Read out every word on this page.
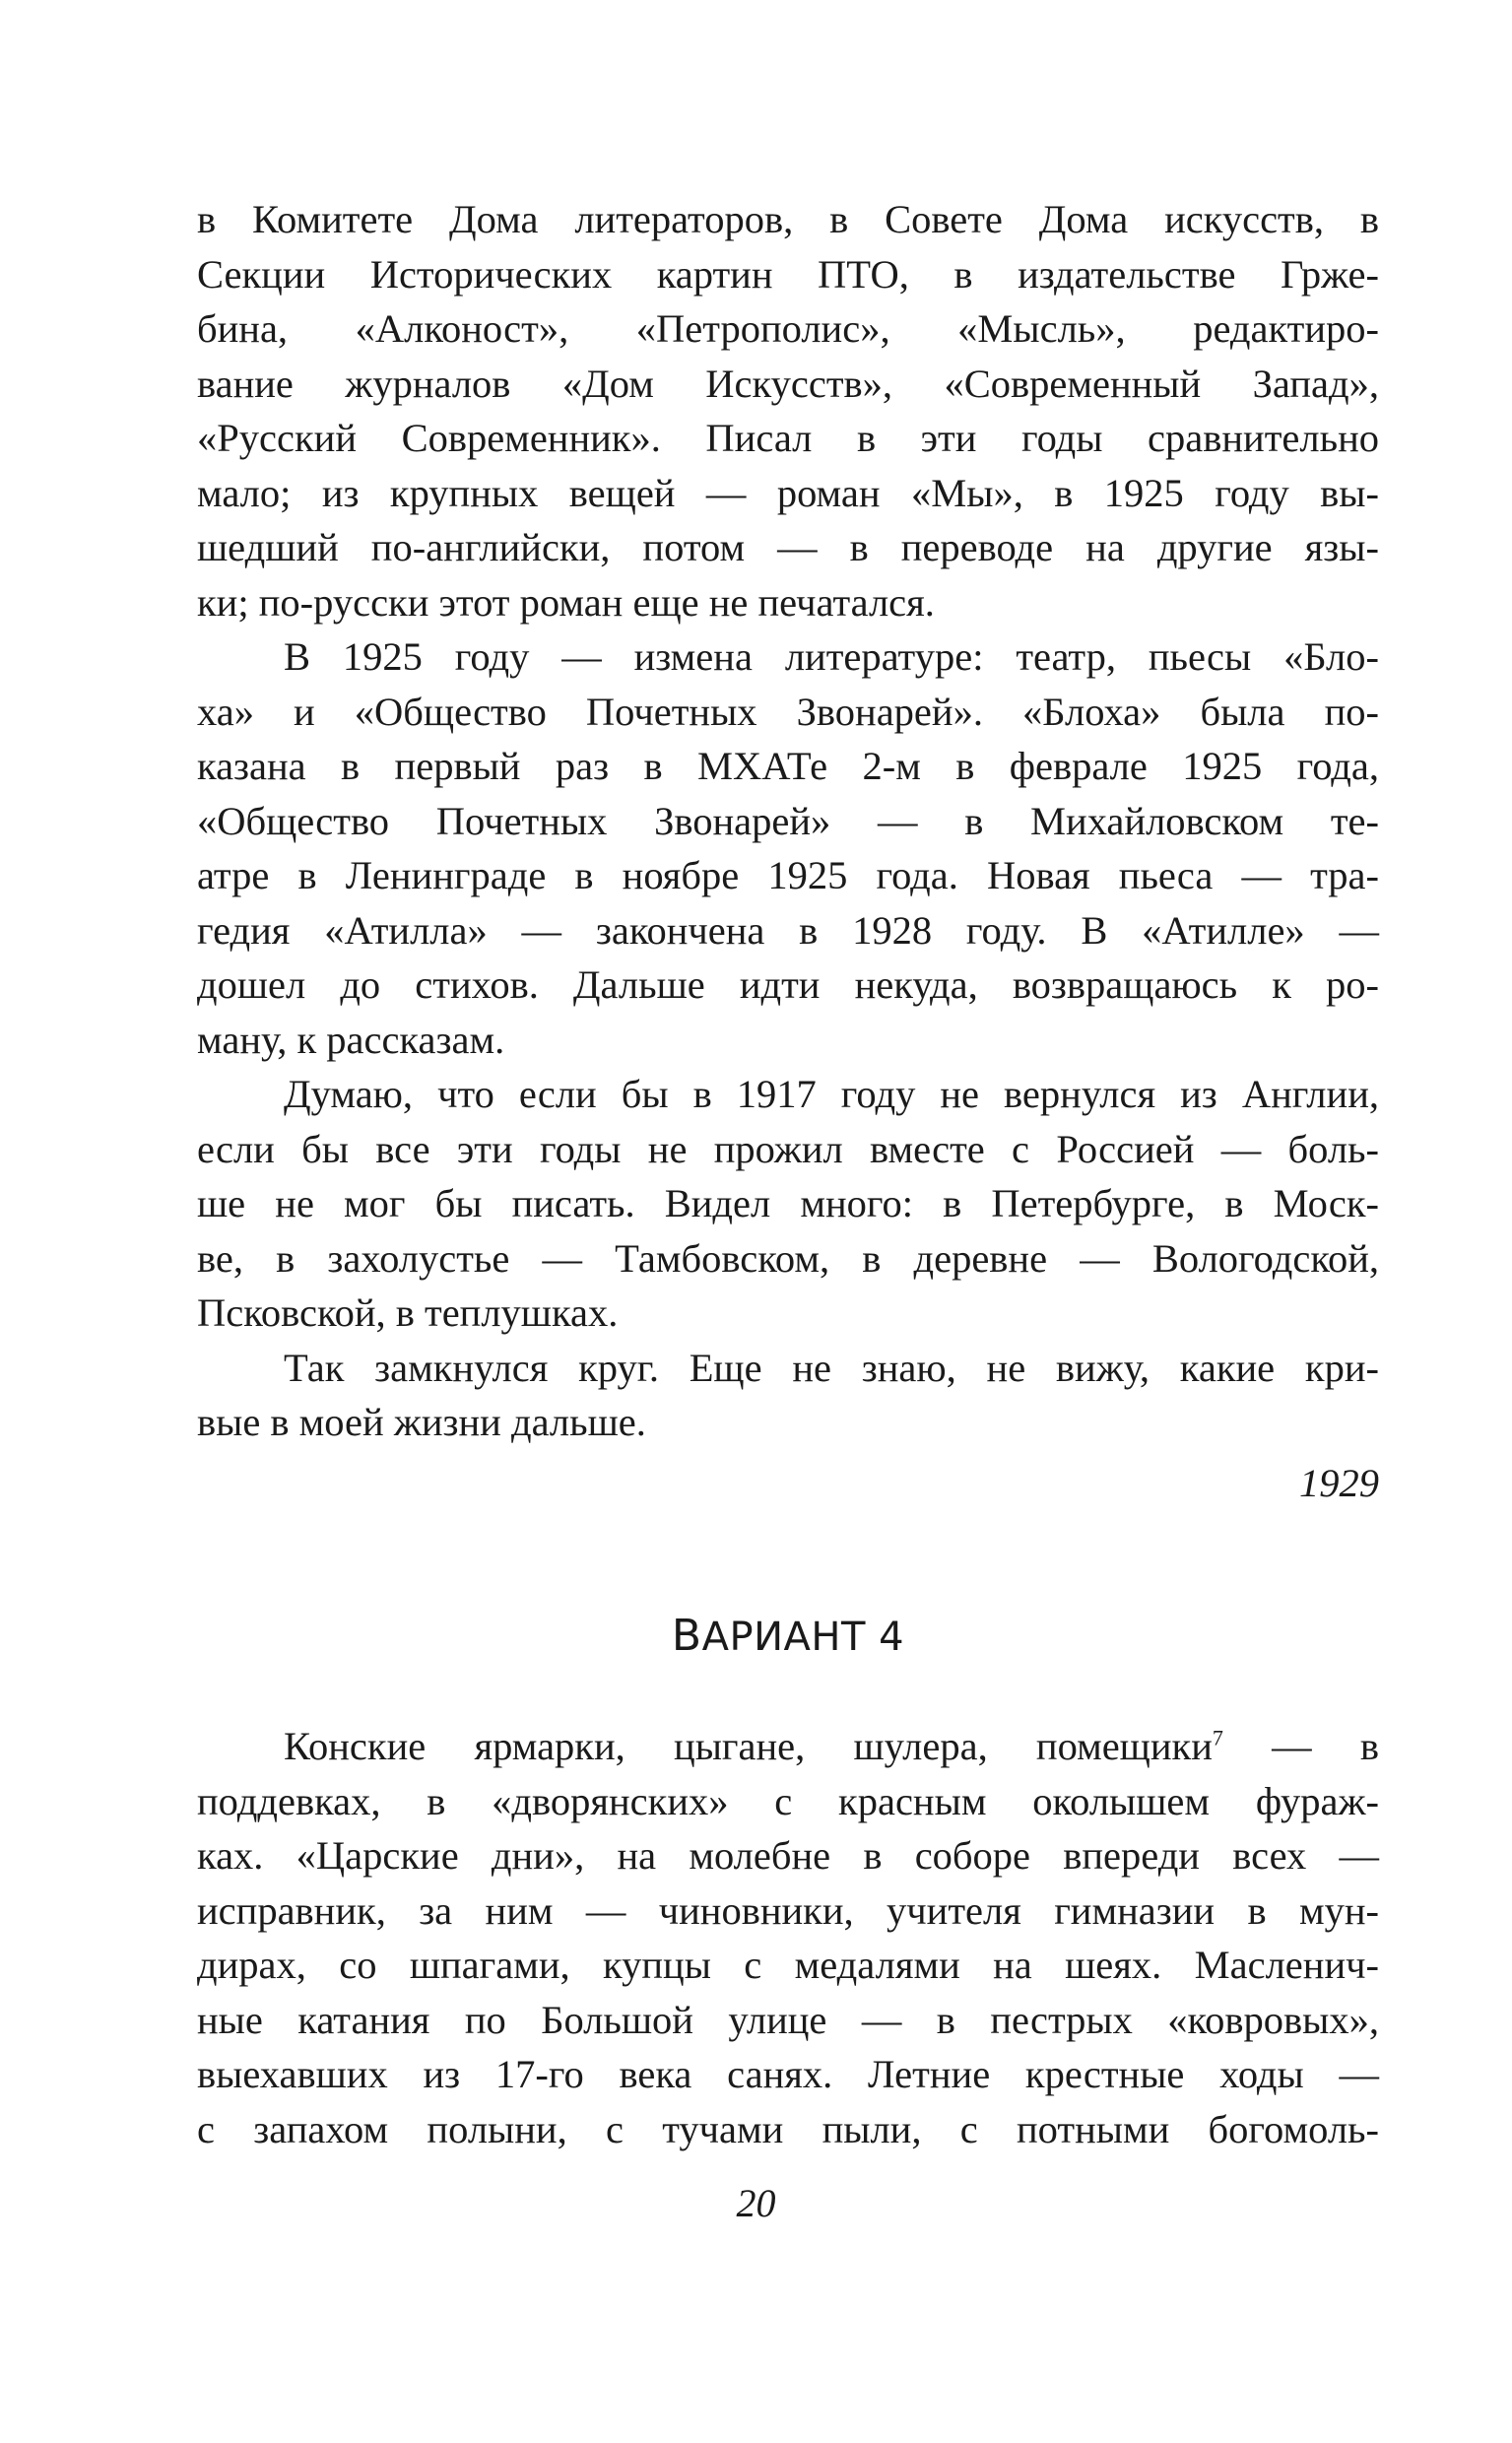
в Комитете Дома литераторов, в Совете Дома искусств, в
Секции Исторических картин ПТО, в издательстве Грже-
бина, «Алконост», «Петрополис», «Мысль», редактиро-
вание журналов «Дом Искусств», «Современный Запад»,
«Русский Современник». Писал в эти годы сравнительно
мало; из крупных вещей — роман «Мы», в 1925 году вы-
шедший по-английски, потом — в переводе на другие язы-
ки; по-русски этот роман еще не печатался.
В 1925 году — измена литературе: театр, пьесы «Бло-
ха» и «Общество Почетных Звонарей». «Блоха» была по-
казана в первый раз в МХАТе 2-м в феврале 1925 года,
«Общество Почетных Звонарей» — в Михайловском те-
атре в Ленинграде в ноябре 1925 года. Новая пьеса — тра-
гедия «Атилла» — закончена в 1928 году. В «Атилле» —
дошел до стихов. Дальше идти некуда, возвращаюсь к ро-
ману, к рассказам.
Думаю, что если бы в 1917 году не вернулся из Англии,
если бы все эти годы не прожил вместе с Россией — боль-
ше не мог бы писать. Видел много: в Петербурге, в Моск-
ве, в захолустье — Тамбовском, в деревне — Вологодской,
Псковской, в теплушках.
Так замкнулся круг. Еще не знаю, не вижу, какие кри-
вые в моей жизни дальше.
1929
ВАРИАНТ 4
Конские ярмарки, цыгане, шулера, помещики$^7$ — в
поддевках, в «дворянских» с красным околышем фураж-
ках. «Царские дни», на молебне в соборе впереди всех —
исправник, за ним — чиновники, учителя гимназии в мун-
дирах, со шпагами, купцы с медалями на шеях. Масленич-
ные катания по Большой улице — в пестрых «ковровых»,
выехавших из 17-го века санях. Летние крестные ходы —
с запахом полыни, с тучами пыли, с потными богомоль-
20
